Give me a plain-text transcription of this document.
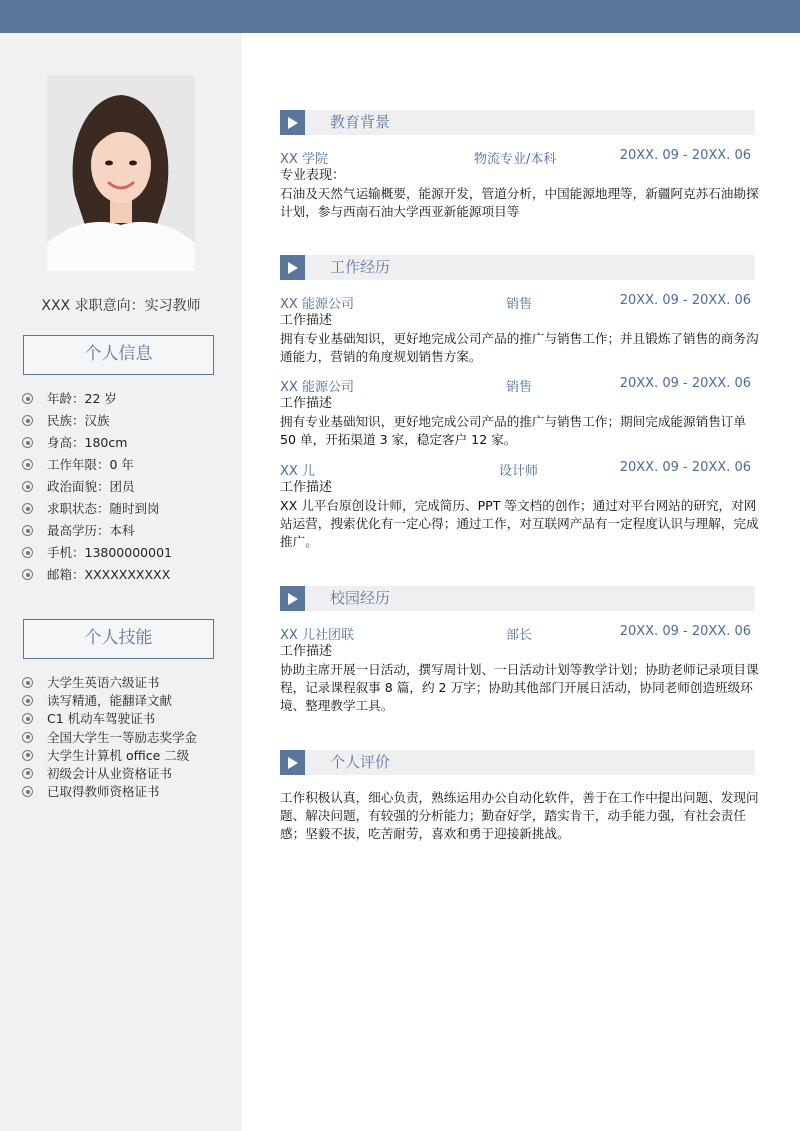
XXX 求职意向：实习教师
个人信息
年龄：22 岁
民族：汉族
身高：180cm
工作年限：0 年
政治面貌：团员
求职状态：随时到岗
最高学历：本科
手机：13800000001
邮箱：XXXXXXXXXX
个人技能
大学生英语六级证书
读写精通，能翻译文献
C1 机动车驾驶证书
全国大学生一等励志奖学金
大学生计算机 office 二级
初级会计从业资格证书
已取得教师资格证书
教育背景
XX 学院	物流专业/本科	20XX. 09 - 20XX. 06
专业表现：

石油及天然气运输概要，能源开发，管道分析，中国能源地理等，新疆阿克苏石油勘探计划，参与西南石油大学西亚新能源项目等

工作经历
XX 能源公司	销售	20XX. 09 - 20XX. 06
工作描述

拥有专业基础知识，更好地完成公司产品的推广与销售工作；并且锻炼了销售的商务沟通能力，营销的角度规划销售方案。

XX 能源公司	销售	20XX. 09 - 20XX. 06
工作描述

拥有专业基础知识，更好地完成公司产品的推广与销售工作；期间完成能源销售订单 50 单，开拓渠道 3 家，稳定客户 12 家。

XX 儿	设计师	20XX. 09 - 20XX. 06
工作描述

XX 儿平台原创设计师，完成简历、PPT 等文档的创作；通过对平台网站的研究，对网站运营，搜索优化有一定心得；通过工作，对互联网产品有一定程度认识与理解，完成推广。

校园经历
XX 儿社团联	部长	20XX. 09 - 20XX. 06
工作描述

协助主席开展一日活动，撰写周计划、一日活动计划等教学计划；协助老师记录项目课程，记录课程叙事 8 篇，约 2 万字；协助其他部门开展日活动，协同老师创造班级环境、整理教学工具。

个人评价

工作积极认真，细心负责，熟练运用办公自动化软件，善于在工作中提出问题、发现问题、解决问题，有较强的分析能力；勤奋好学，踏实肯干，动手能力强，有社会责任感；坚毅不拔，吃苦耐劳，喜欢和勇于迎接新挑战。
